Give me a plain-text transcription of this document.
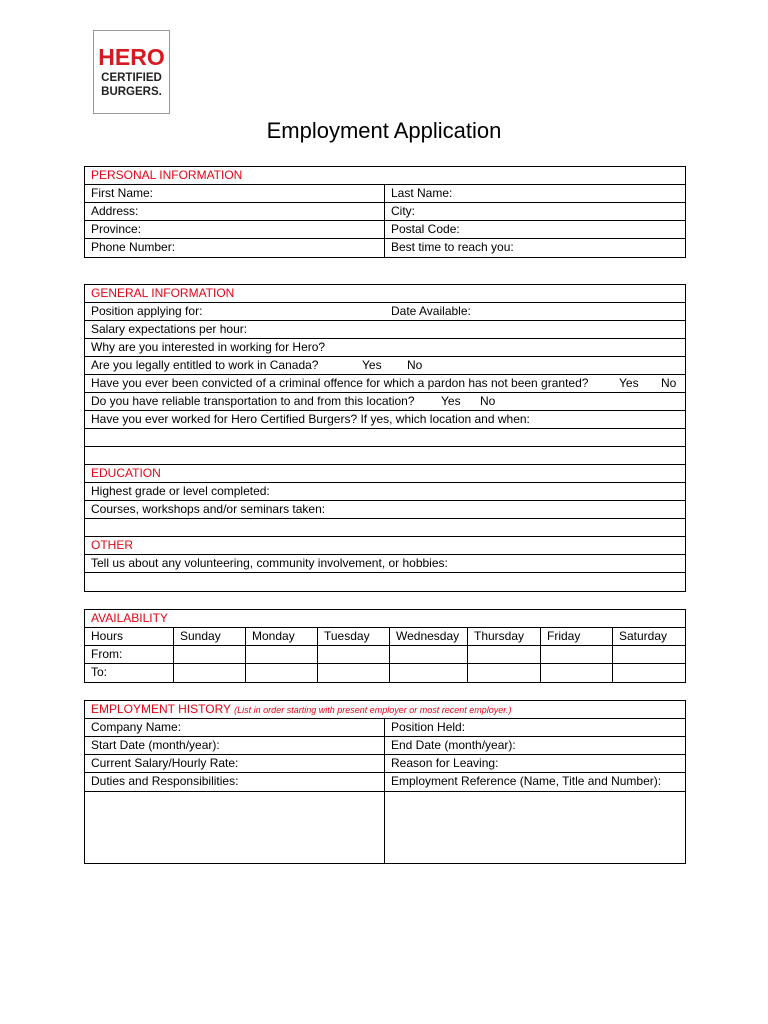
HERO
CERTIFIED
BURGERS.
Employment Application
PERSONAL INFORMATION
First Name:	Last Name:
Address:	City:
Province:	Postal Code:
Phone Number:	Best time to reach you:
GENERAL INFORMATION
Position applying for:	Date Available:
Salary expectations per hour:
Why are you interested in working for Hero?
Are you legally entitled to work in Canada?	Yes No
Have you ever been convicted of a criminal offence for which a pardon has not been granted?	Yes No
Do you have reliable transportation to and from this location? Yes No
Have you ever worked for Hero Certified Burgers? If yes, which location and when:
EDUCATION
Highest grade or level completed:
Courses, workshops and/or seminars taken:
OTHER
Tell us about any volunteering, community involvement, or hobbies:
AVAILABILITY
Hours	Sunday	Monday	Tuesday	Wednesday	Thursday	Friday	Saturday
From:
To:
EMPLOYMENT HISTORY (List in order starting with present employer or most recent employer.)
Company Name:	Position Held:
Start Date (month/year):	End Date (month/year):
Current Salary/Hourly Rate:	Reason for Leaving:
Duties and Responsibilities:	Employment Reference (Name, Title and Number):
